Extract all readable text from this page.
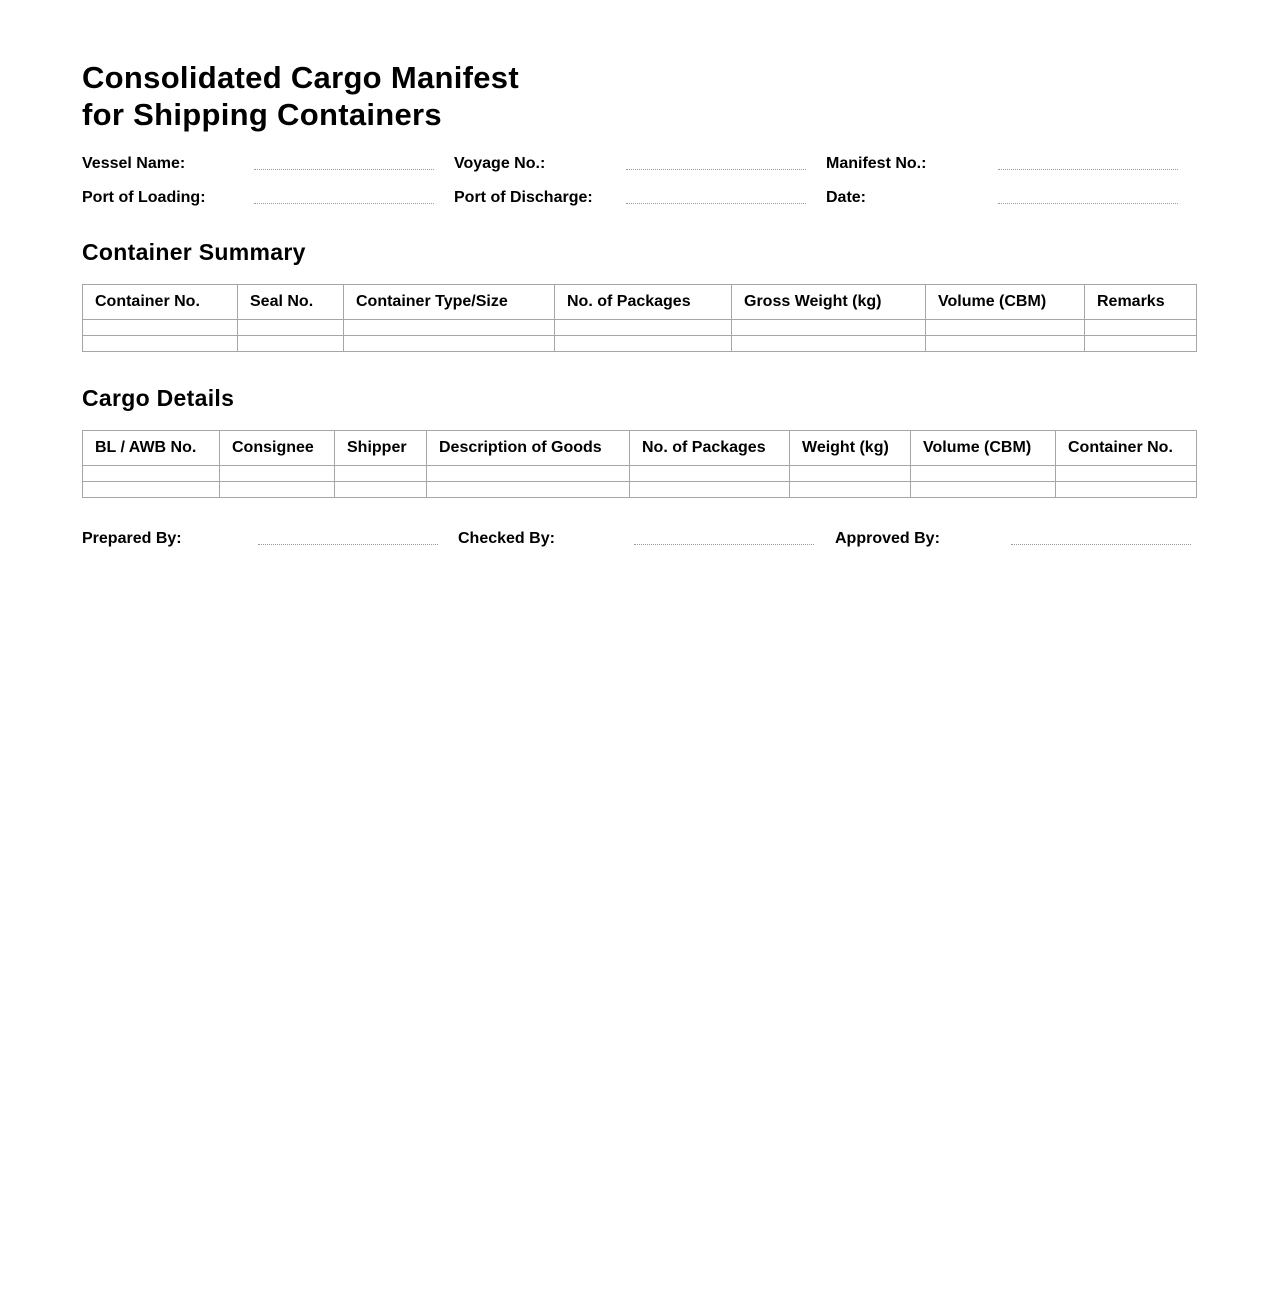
Consolidated Cargo Manifest
for Shipping Containers
Vessel Name:	Voyage No.:	Manifest No.:
Port of Loading:	Port of Discharge:	Date:
Container Summary
Container No.	Seal No.	Container Type/Size	No. of Packages	Gross Weight (kg)	Volume (CBM)	Remarks

Cargo Details
BL / AWB No.	Consignee	Shipper	Description of Goods	No. of Packages	Weight (kg)	Volume (CBM)	Container No.

Prepared By:	Checked By:	Approved By:
